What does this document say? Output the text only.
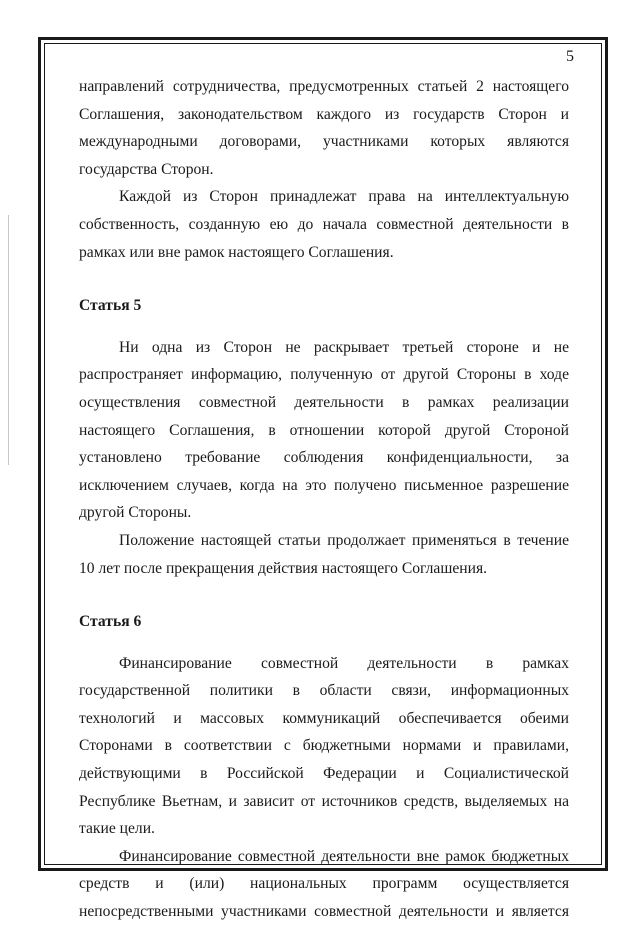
5

направлений сотрудничества, предусмотренных статьей 2 настоящего Соглашения, законодательством каждого из государств Сторон и международными договорами, участниками которых являются государства Сторон.

Каждой из Сторон принадлежат права на интеллектуальную собственность, созданную ею до начала совместной деятельности в рамках или вне рамок настоящего Соглашения.

Статья 5

Ни одна из Сторон не раскрывает третьей стороне и не распространяет информацию, полученную от другой Стороны в ходе осуществления совместной деятельности в рамках реализации настоящего Соглашения, в отношении которой другой Стороной установлено требование соблюдения конфиденциальности, за исключением случаев, когда на это получено письменное разрешение другой Стороны.

Положение настоящей статьи продолжает применяться в течение 10 лет после прекращения действия настоящего Соглашения.

Статья 6

Финансирование совместной деятельности в рамках государственной политики в области связи, информационных технологий и массовых коммуникаций обеспечивается обеими Сторонами в соответствии с бюджетными нормами и правилами, действующими в Российской Федерации и Социалистической Республике Вьетнам, и зависит от источников средств, выделяемых на такие цели.

Финансирование совместной деятельности вне рамок бюджетных средств и (или) национальных программ осуществляется непосредственными участниками совместной деятельности и является
